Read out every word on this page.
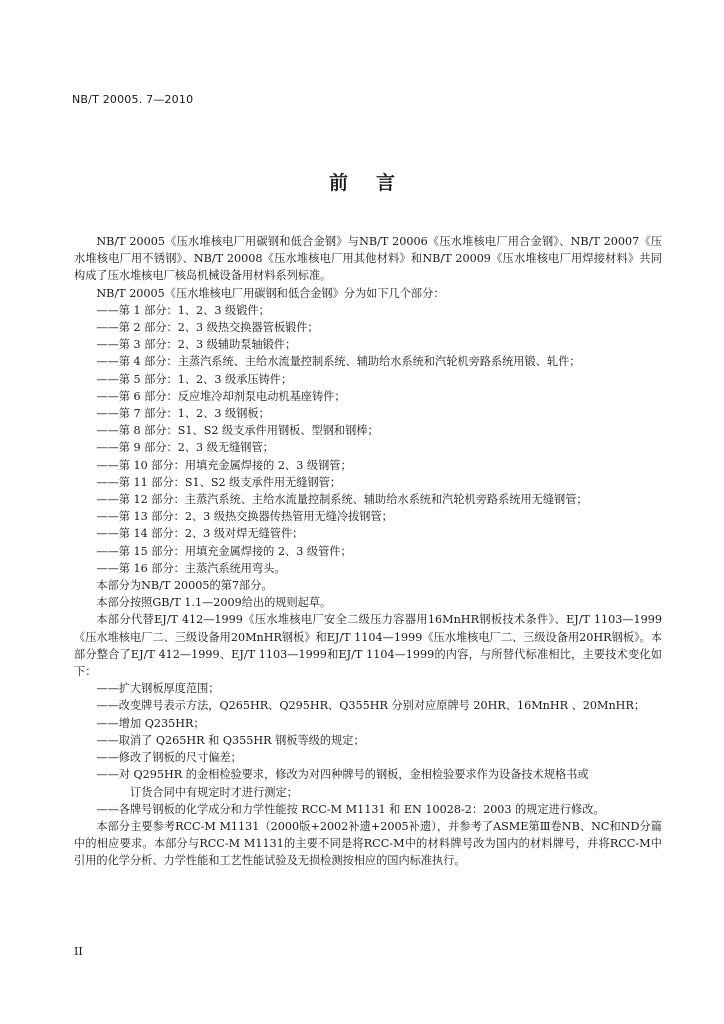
NB/T 20005. 7—2010
前言

NB/T 20005《压水堆核电厂用碳钢和低合金钢》与NB/T 20006《压水堆核电厂用合金钢》、NB/T 20007《压水堆核电厂用不锈钢》、NB/T 20008《压水堆核电厂用其他材料》和NB/T 20009《压水堆核电厂用焊接材料》共同构成了压水堆核电厂核岛机械设备用材料系列标准。

NB/T 20005《压水堆核电厂用碳钢和低合金钢》分为如下几个部分：

——第 1 部分：1、2、3 级锻件；

——第 2 部分：2、3 级热交换器管板锻件；

——第 3 部分：2、3 级辅助泵轴锻件；

——第 4 部分：主蒸汽系统、主给水流量控制系统、辅助给水系统和汽轮机旁路系统用锻、轧件；

——第 5 部分：1、2、3 级承压铸件；

——第 6 部分：反应堆冷却剂泵电动机基座铸件；

——第 7 部分：1、2、3 级钢板；

——第 8 部分：S1、S2 级支承件用钢板、型钢和钢棒；

——第 9 部分：2、3 级无缝钢管；

——第 10 部分：用填充金属焊接的 2、3 级钢管；

——第 11 部分：S1、S2 级支承件用无缝钢管；

——第 12 部分：主蒸汽系统、主给水流量控制系统、辅助给水系统和汽轮机旁路系统用无缝钢管；

——第 13 部分：2、3 级热交换器传热管用无缝冷拔钢管；

——第 14 部分：2、3 级对焊无缝管件；

——第 15 部分：用填充金属焊接的 2、3 级管件；

——第 16 部分：主蒸汽系统用弯头。

本部分为NB/T 20005的第7部分。

本部分按照GB/T 1.1—2009给出的规则起草。

本部分代替EJ/T 412—1999《压水堆核电厂安全二级压力容器用16MnHR钢板技术条件》、EJ/T 1103—1999《压水堆核电厂二、三级设备用20MnHR钢板》和EJ/T 1104—1999《压水堆核电厂二、三级设备用20HR钢板》。本部分整合了EJ/T 412—1999、EJ/T 1103—1999和EJ/T 1104—1999的内容，与所替代标准相比，主要技术变化如下：

——扩大钢板厚度范围；

——改变牌号表示方法，Q265HR、Q295HR、Q355HR 分别对应原牌号 20HR、16MnHR 、20MnHR；

——增加 Q235HR；

——取消了 Q265HR 和 Q355HR 钢板等级的规定；

——修改了钢板的尺寸偏差；

——对 Q295HR 的金相检验要求，修改为对四种牌号的钢板，金相检验要求作为设备技术规格书或

订货合同中有规定时才进行测定；

——各牌号钢板的化学成分和力学性能按 RCC-M M1131 和 EN 10028-2：2003 的规定进行修改。

本部分主要参考RCC-M M1131（2000版+2002补遗+2005补遗），并参考了ASME第Ⅲ卷NB、NC和ND分篇中的相应要求。本部分与RCC-M M1131的主要不同是将RCC-M中的材料牌号改为国内的材料牌号，并将RCC-M中引用的化学分析、力学性能和工艺性能试验及无损检测按相应的国内标准执行。

II
